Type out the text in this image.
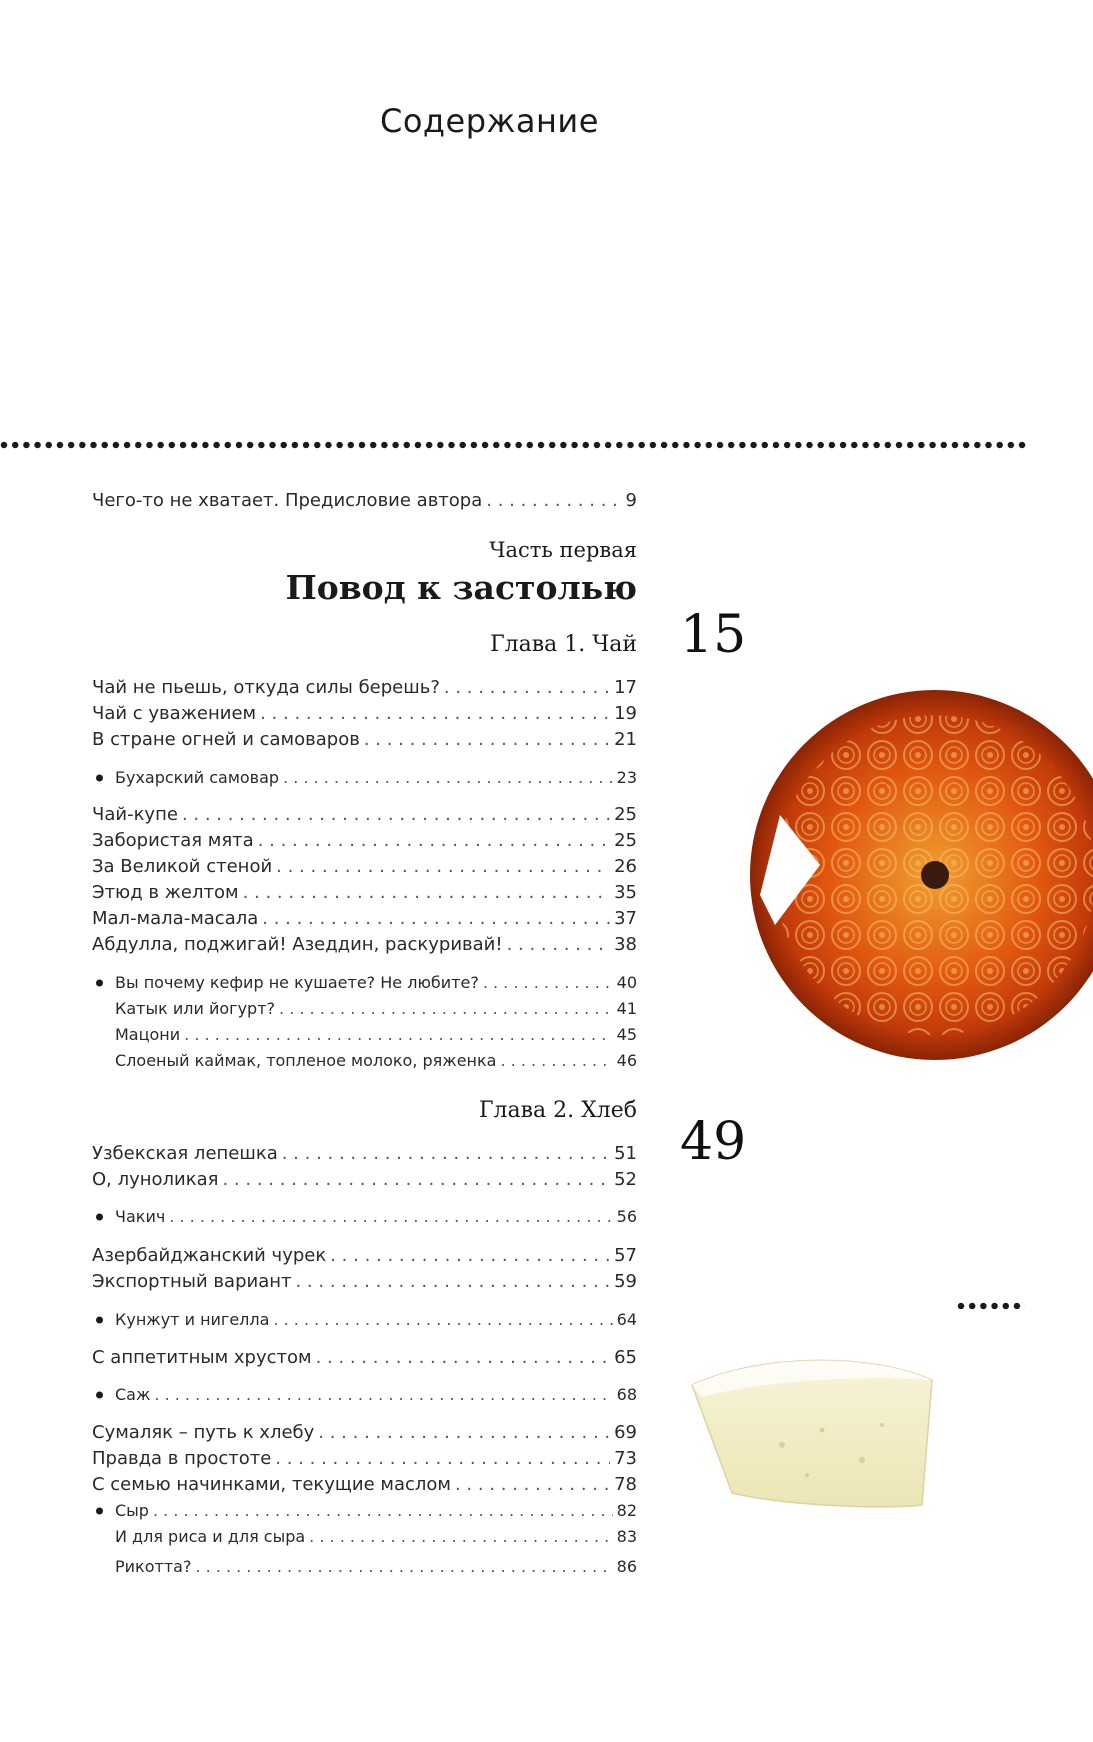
Содержание
Чего-то не хватает. Предисловие автора . . .	9
Часть первая
Повод к застолью
Глава 1. Чай 15
Чай не пьешь, откуда силы берешь? . . .	17
Чай с уважением . . .	19
В стране огней и самоваров . . .	21
Бухарский самовар . . .	23
Чай-купе . . .	25
Забористая мята . . .	25
За Великой стеной . . .	26
Этюд в желтом . . .	35
Мал-мала-масала . . .	37
Абдулла, поджигай! Азеддин, раскуривай! . . .	38
Вы почему кефир не кушаете? Не любите? . . .	40
Катык или йогурт? . . .	41
Мацони . . .	45
Слоеный каймак, топленое молоко, ряженка . . .	46
Глава 2. Хлеб
49
Узбекская лепешка . . .	51
О, луноликая . . .	52
Чакич . . .	56
Азербайджанский чурек . . .	57
Экспортный вариант . . .	59
Кунжут и нигелла . . .	64
С аппетитным хрустом . . .	65
Саж . . .	68
Сумаляк – путь к хлебу . . .	69
Правда в простоте . . .	73
С семью начинками, текущие маслом . . .	78
Сыр . . .	82
И для риса и для сыра . . .	83
Рикотта? . . .	86
